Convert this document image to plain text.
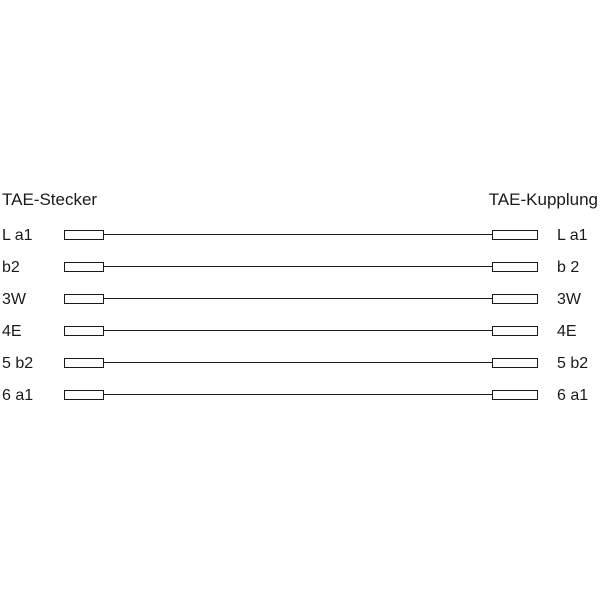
TAE-Stecker	TAE-Kupplung
L a1	L a1
b2	b 2
3W	3W
4E	4E
5 b2	5 b2
6 a1	6 a1
